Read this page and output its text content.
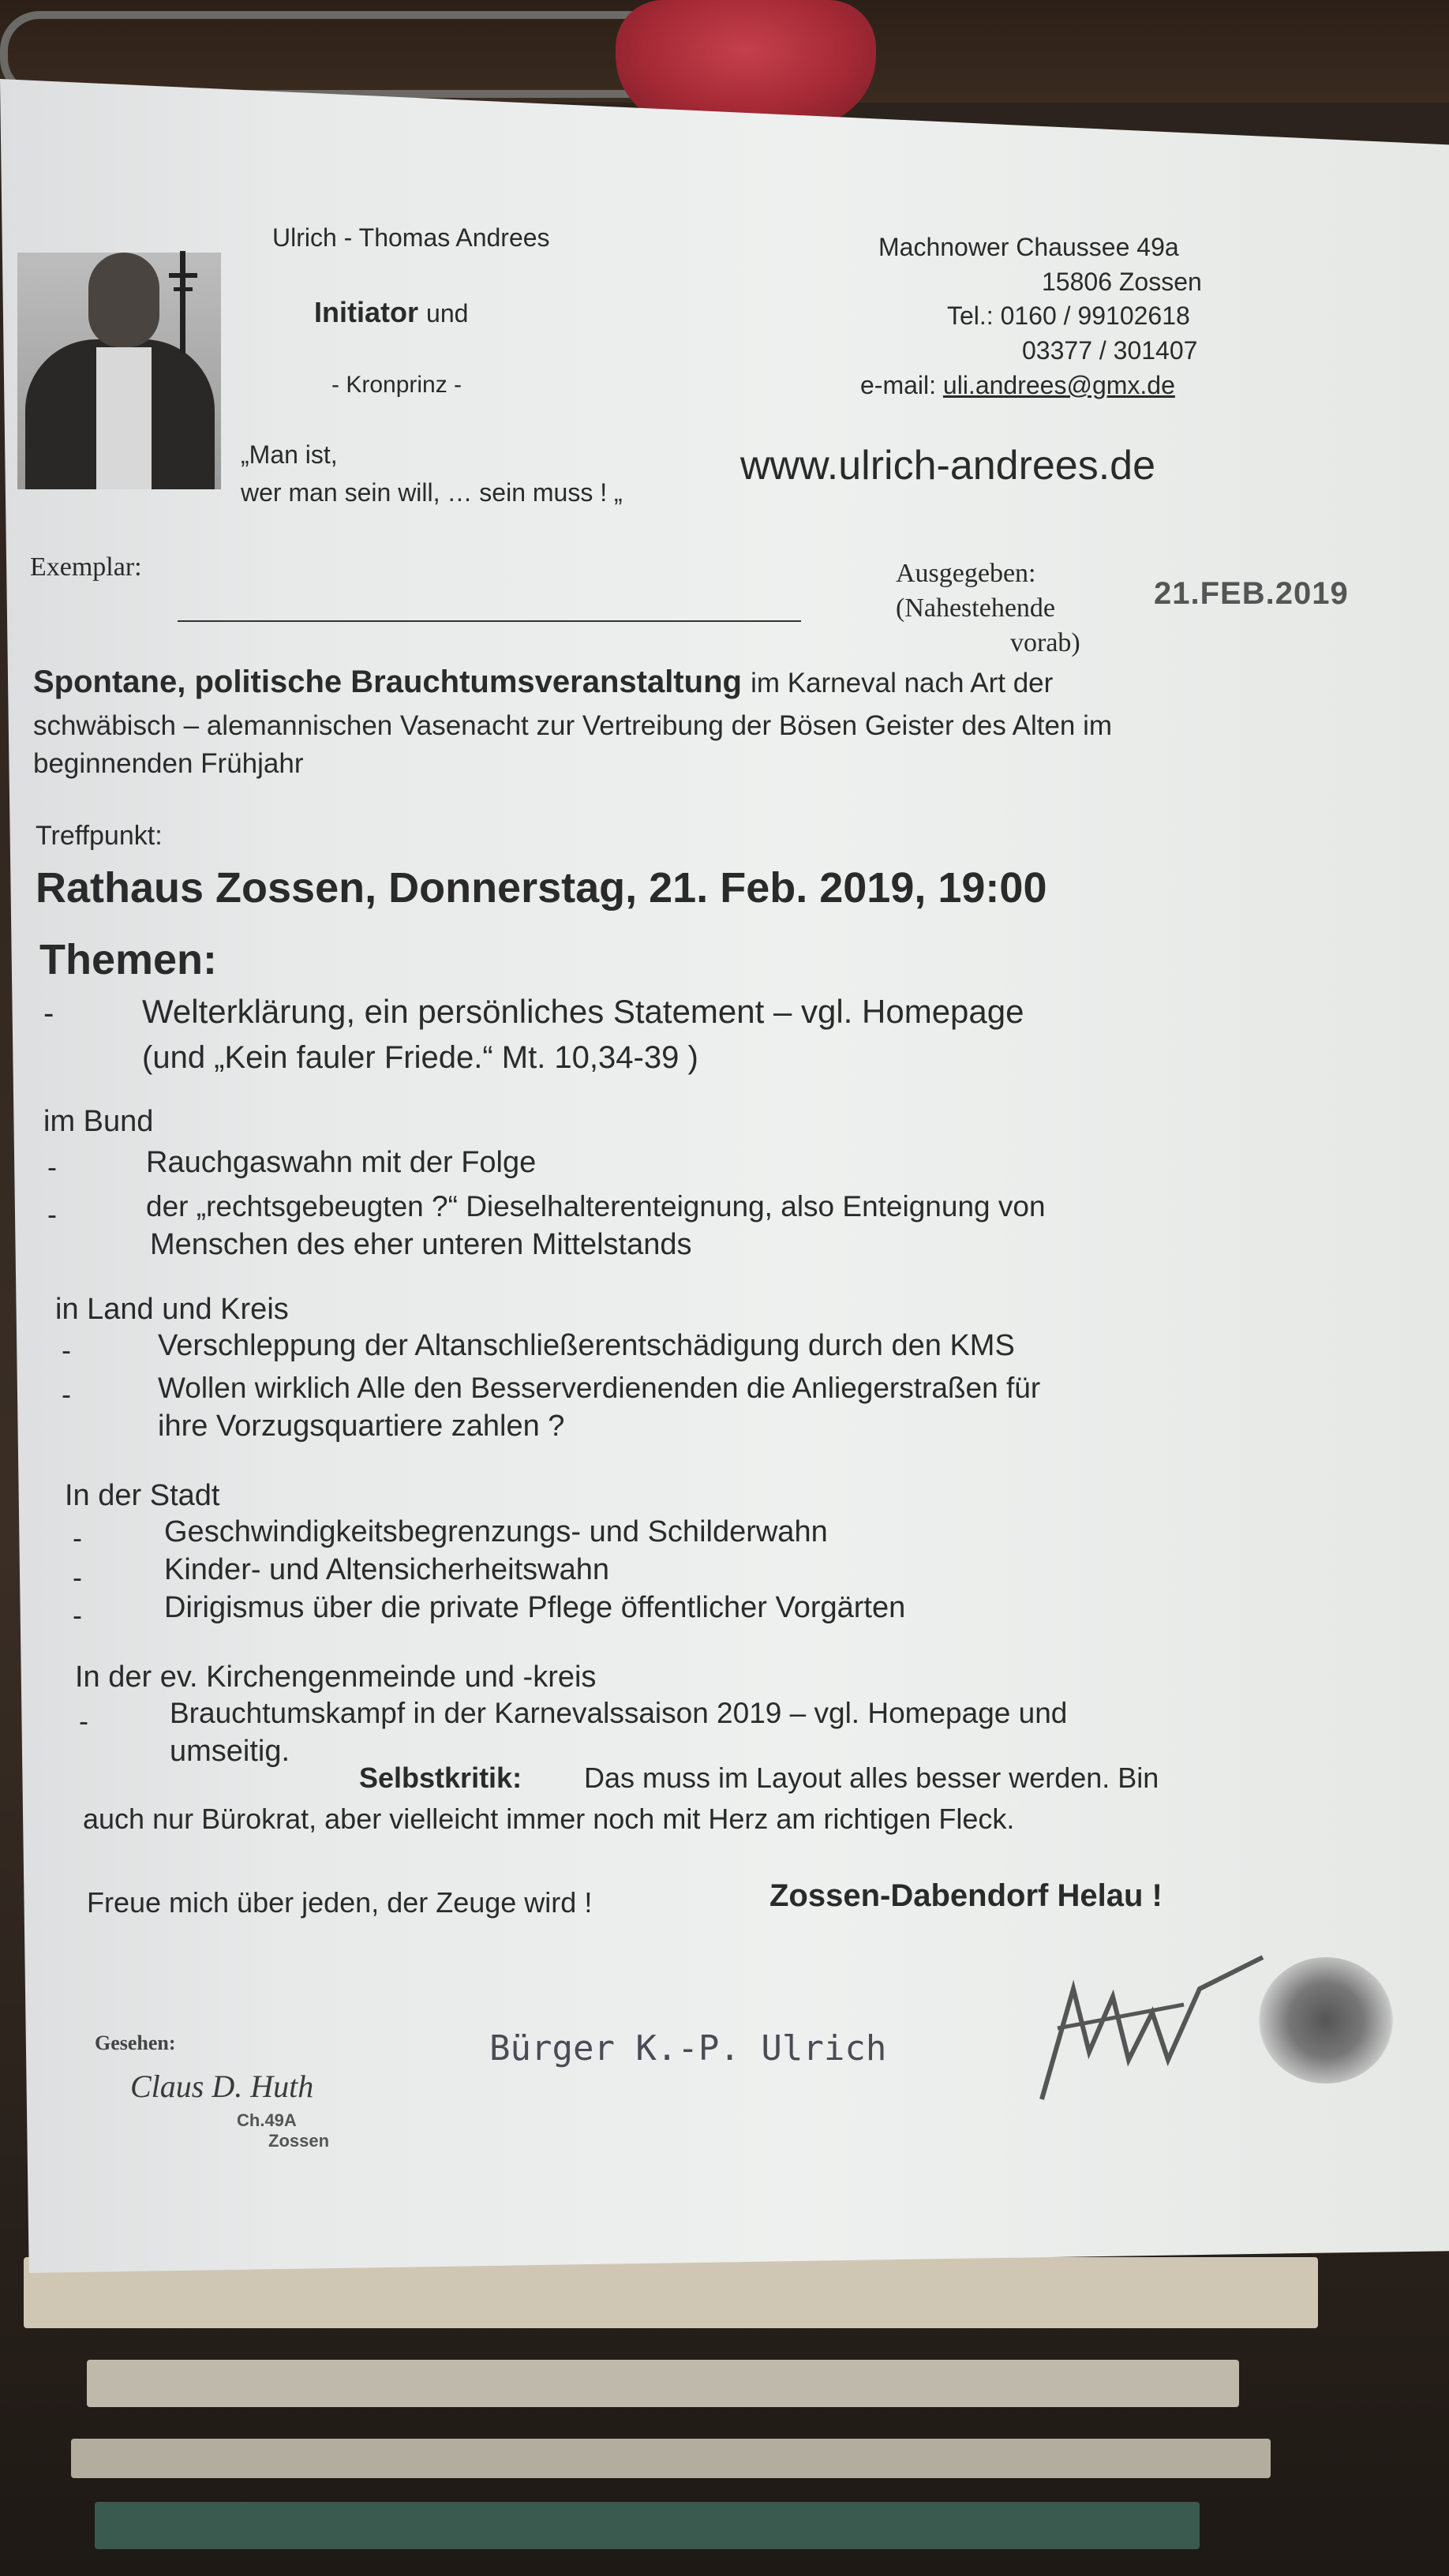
Ulrich - Thomas Andrees
Initiator und
- Kronprinz -
„Man ist,
wer man sein will, … sein muss ! „
Machnower Chaussee 49a
15806 Zossen
Tel.: 0160 / 99102618
03377 / 301407
e-mail: uli.andrees@gmx.de
www.ulrich-andrees.de
Exemplar:	Ausgegeben:
(Nahestehende
vorab)
21.FEB.2019
Spontane, politische Brauchtumsveranstaltung im Karneval nach Art der
schwäbisch – alemannischen Vasenacht zur Vertreibung der Bösen Geister des Alten im
beginnenden Frühjahr
Treffpunkt:
Rathaus Zossen, Donnerstag, 21. Feb. 2019, 19:00
Themen:
-	Welterklärung, ein persönliches Statement – vgl. Homepage
(und „Kein fauler Friede.“ Mt. 10,34-39 )
im Bund
-	Rauchgaswahn mit der Folge
-	der „rechtsgebeugten ?“ Dieselhalterenteignung, also Enteignung von
Menschen des eher unteren Mittelstands
in Land und Kreis
-	Verschleppung der Altanschließerentschädigung durch den KMS
-	Wollen wirklich Alle den Besserverdienenden die Anliegerstraßen für
ihre Vorzugsquartiere zahlen ?
In der Stadt
-	Geschwindigkeitsbegrenzungs- und Schilderwahn
-	Kinder- und Altensicherheitswahn
-	Dirigismus über die private Pflege öffentlicher Vorgärten
In der ev. Kirchengenmeinde und -kreis
-	Brauchtumskampf in der Karnevalssaison 2019 – vgl. Homepage und
umseitig.
Selbstkritik: Das muss im Layout alles besser werden. Bin
auch nur Bürokrat, aber vielleicht immer noch mit Herz am richtigen Fleck.
Freue mich über jeden, der Zeuge wird !	Zossen-Dabendorf Helau !
Gesehen:
Claus D. Huth
Ch.49A
Zossen
Bürger K.-P. Ulrich
